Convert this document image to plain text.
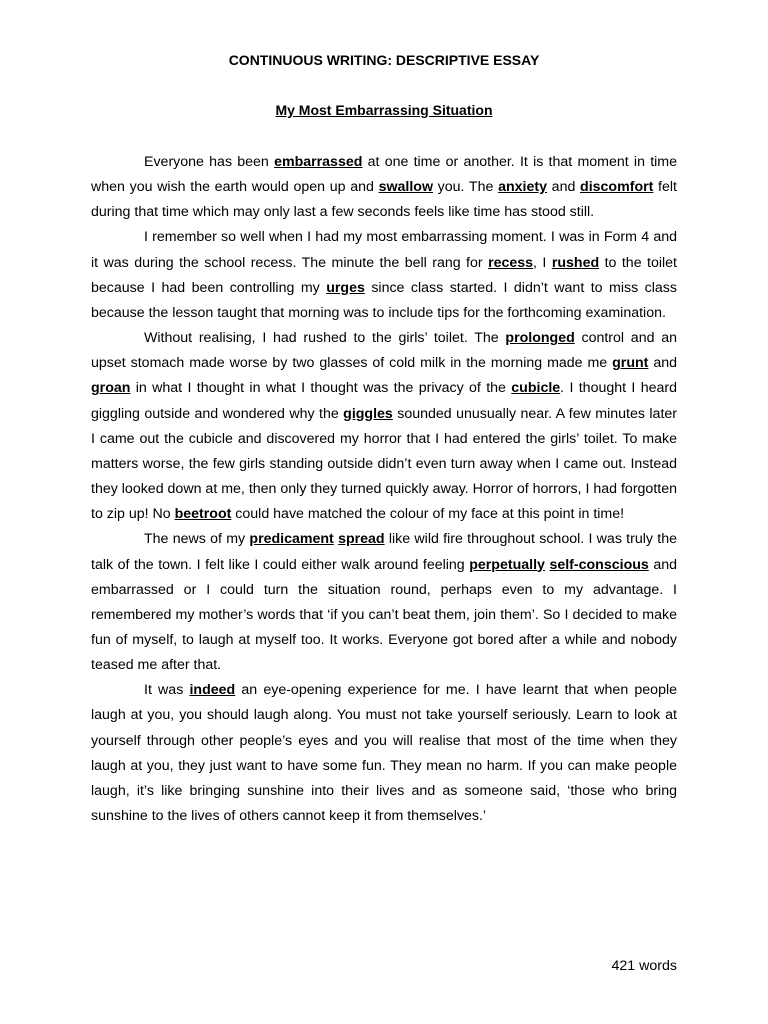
CONTINUOUS WRITING: DESCRIPTIVE ESSAY
My Most Embarrassing Situation

Everyone has been embarrassed at one time or another. It is that moment in time when you wish the earth would open up and swallow you. The anxiety and discomfort felt during that time which may only last a few seconds feels like time has stood still.

I remember so well when I had my most embarrassing moment. I was in Form 4 and it was during the school recess. The minute the bell rang for recess, I rushed to the toilet because I had been controlling my urges since class started. I didn’t want to miss class because the lesson taught that morning was to include tips for the forthcoming examination.

Without realising, I had rushed to the girls’ toilet. The prolonged control and an upset stomach made worse by two glasses of cold milk in the morning made me grunt and groan in what I thought in what I thought was the privacy of the cubicle. I thought I heard giggling outside and wondered why the giggles sounded unusually near. A few minutes later I came out the cubicle and discovered my horror that I had entered the girls’ toilet. To make matters worse, the few girls standing outside didn’t even turn away when I came out. Instead they looked down at me, then only they turned quickly away. Horror of horrors, I had forgotten to zip up! No beetroot could have matched the colour of my face at this point in time!

The news of my predicament spread like wild fire throughout school. I was truly the talk of the town. I felt like I could either walk around feeling perpetually self-conscious and embarrassed or I could turn the situation round, perhaps even to my advantage. I remembered my mother’s words that ‘if you can’t beat them, join them’. So I decided to make fun of myself, to laugh at myself too. It works. Everyone got bored after a while and nobody teased me after that.

It was indeed an eye-opening experience for me. I have learnt that when people laugh at you, you should laugh along. You must not take yourself seriously. Learn to look at yourself through other people’s eyes and you will realise that most of the time when they laugh at you, they just want to have some fun. They mean no harm. If you can make people laugh, it’s like bringing sunshine into their lives and as someone said, ‘those who bring sunshine to the lives of others cannot keep it from themselves.’

421 words
